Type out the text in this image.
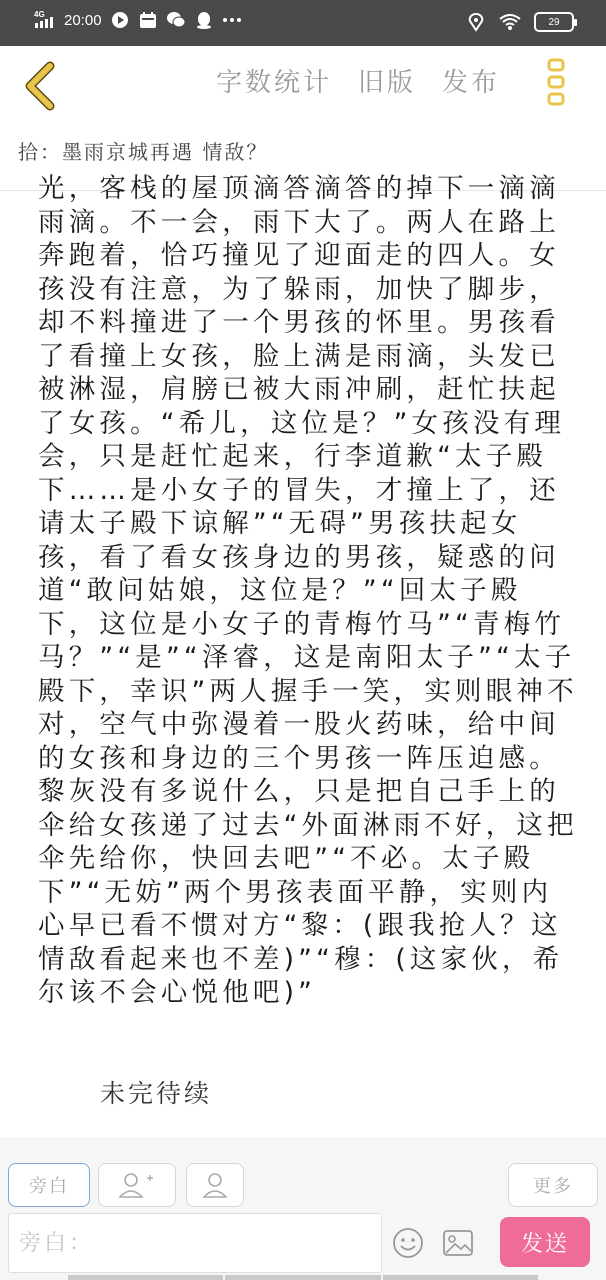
4G 20:00	29
字数统计 旧版 发布
拾：墨雨京城再遇 情敌？

光，客栈的屋顶滴答滴答的掉下一滴滴雨滴。不一会，雨下大了。两人在路上奔跑着，恰巧撞见了迎面走的四人。女孩没有注意，为了躲雨，加快了脚步，却不料撞进了一个男孩的怀里。男孩看了看撞上女孩，脸上满是雨滴，头发已被淋湿，肩膀已被大雨冲刷，赶忙扶起了女孩。“希儿，这位是？”女孩没有理会，只是赶忙起来，行李道歉“太子殿下……是小女子的冒失，才撞上了，还请太子殿下谅解”“无碍”男孩扶起女孩，看了看女孩身边的男孩，疑惑的问道“敢问姑娘，这位是？”“回太子殿下，这位是小女子的青梅竹马”“青梅竹马？”“是”“泽睿，这是南阳太子”“太子殿下，幸识”两人握手一笑，实则眼神不对，空气中弥漫着一股火药味，给中间的女孩和身边的三个男孩一阵压迫感。黎灰没有多说什么，只是把自己手上的伞给女孩递了过去“外面淋雨不好，这把伞先给你，快回去吧”“不必。太子殿下”“无妨”两个男孩表面平静，实则内心早已看不惯对方“黎：(跟我抢人？这情敌看起来也不差)”“穆：(这家伙，希尔该不会心悦他吧)”

未完待续
旁白	更多
旁白：
发送
